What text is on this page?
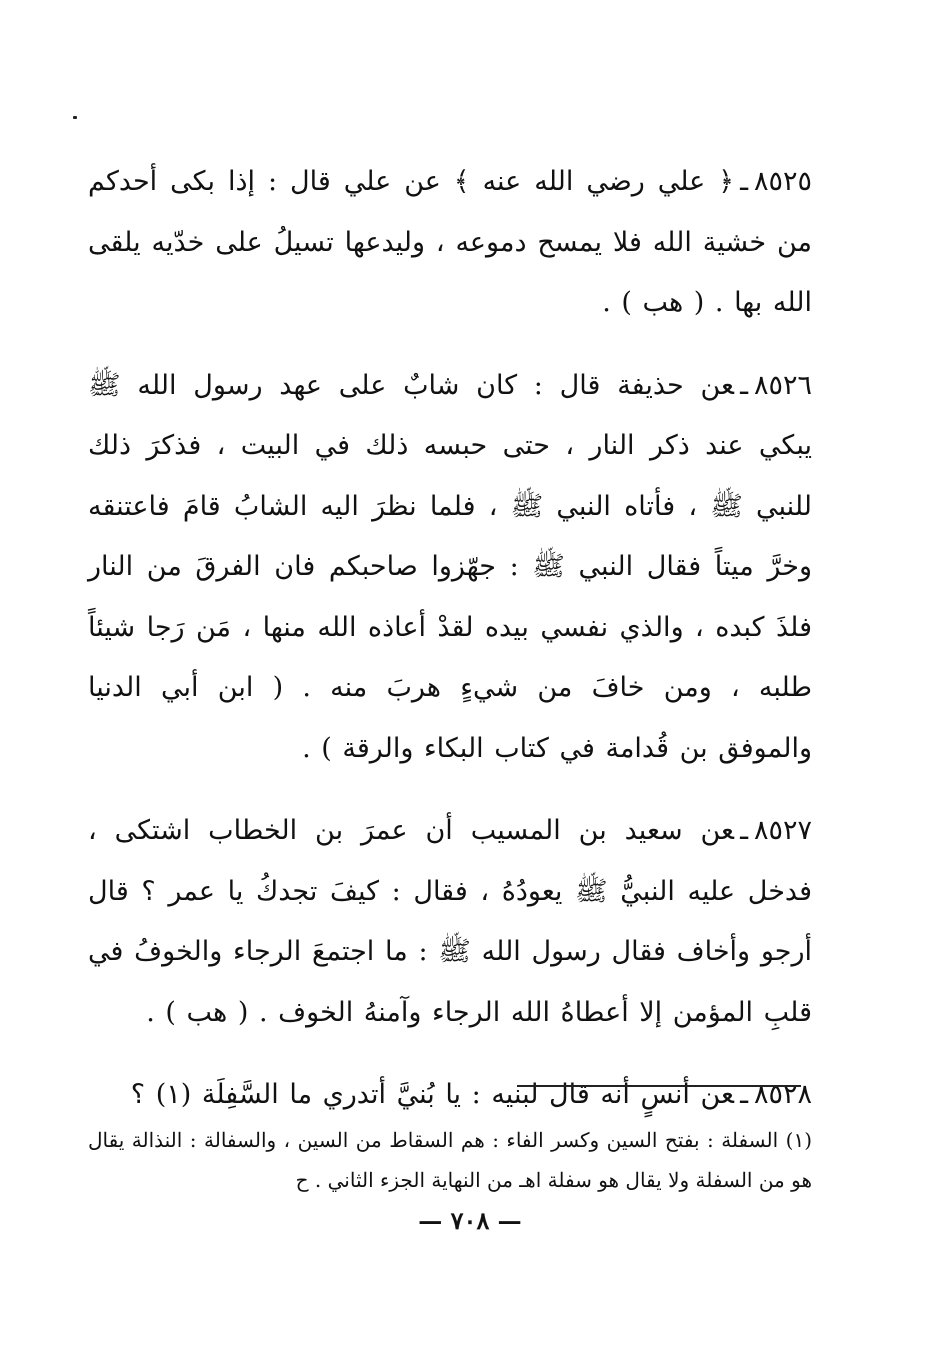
٨٥٢٥ـ﴿ علي رضي الله عنه ﴾ عن علي قال : إذا بكى أحدكم من خشية الله فلا يمسح دموعه ، وليدعها تسيلُ على خدّيه يلقى الله بها . ( هب ) .

٨٥٢٦ـعن حذيفة قال : كان شابٌ على عهد رسول الله ﷺ يبكي عند ذكر النار ، حتى حبسه ذلك في البيت ، فذكرَ ذلك للنبي ﷺ ، فأتاه النبي ﷺ ، فلما نظرَ اليه الشابُ قامَ فاعتنقه وخرَّ ميتاً فقال النبي ﷺ : جهّزوا صاحبكم فان الفرقَ من النار فلذَ كبده ، والذي نفسي بيده لقدْ أعاذه الله منها ، مَن رَجا شيئاً طلبه ، ومن خافَ من شيءٍ هربَ منه . ( ابن أبي الدنيا والموفق بن قُدامة في كتاب البكاء والرقة ) .

٨٥٢٧ـعن سعيد بن المسيب أن عمرَ بن الخطاب اشتكى ، فدخل عليه النبيُّ ﷺ يعودُهُ ، فقال : كيفَ تجدكُ يا عمر ؟ قال أرجو وأخاف فقال رسول الله ﷺ : ما اجتمعَ الرجاء والخوفُ في قلبِ المؤمن إلا أعطاهُ الله الرجاء وآمنهُ الخوف . ( هب ) .

٨٥٢٨ـعن أنسٍ أنه قال لبنيه : يا بُنيَّ أتدري ما السَّفِلَة (١) ؟

(١) السفلة : بفتح السين وكسر الفاء : هم السقاط من السين ، والسفالة : النذالة يقال هو من السفلة ولا يقال هو سفلة اهـ من النهاية الجزء الثاني . ح

— ٧٠٨ —
